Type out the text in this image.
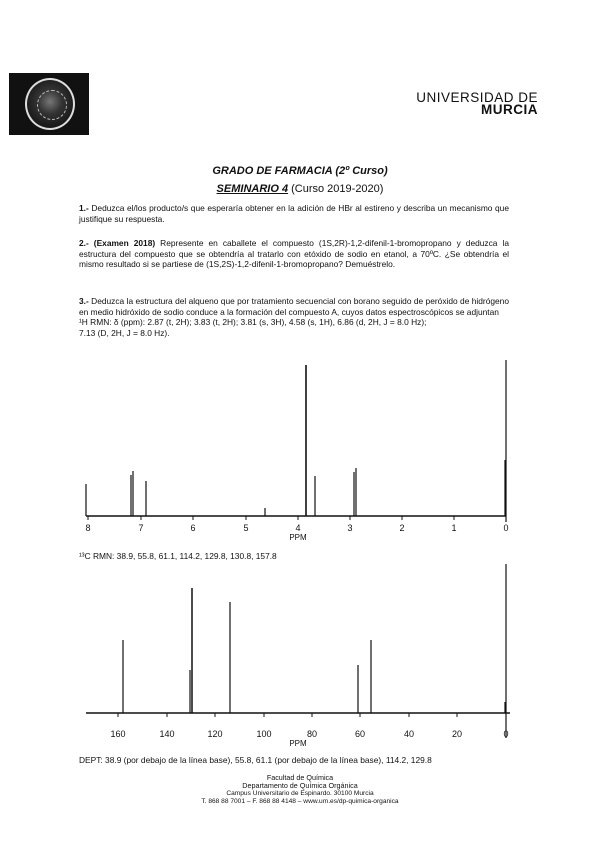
UNIVERSIDAD DE
MURCIA
GRADO DE FARMACIA (2º Curso)
SEMINARIO 4 (Curso 2019-2020)
1.- Deduzca el/los producto/s que esperaría obtener en la adición de HBr al estireno y describa un mecanismo que justifique su respuesta.
2.- (Examen 2018) Represente en caballete el compuesto (1S,2R)-1,2-difenil-1-bromopropano y deduzca la estructura del compuesto que se obtendría al tratarlo con etóxido de sodio en etanol, a 70ºC. ¿Se obtendría el mismo resultado si se partiese de (1S,2S)-1,2-difenil-1-bromopropano? Demuéstrelo.
3.- Deduzca la estructura del alqueno que por tratamiento secuencial con borano seguido de peróxido de hidrógeno en medio hidróxido de sodio conduce a la formación del compuesto A, cuyos datos espectroscópicos se adjuntan
¹H RMN: δ (ppm): 2.87 (t, 2H); 3.83 (t, 2H); 3.81 (s, 3H), 4.58 (s, 1H), 6.86 (d, 2H, J = 8.0 Hz);
7.13 (D, 2H, J = 8.0 Hz).
8	7	6	5	4	3	2	1	0
PPM
¹³C RMN: 38.9, 55.8, 61.1, 114.2, 129.8, 130.8, 157.8
160	140	120	100	80	60	40	20	0
PPM
DEPT: 38.9 (por debajo de la línea base), 55.8, 61.1 (por debajo de la línea base), 114.2, 129.8
Facultad de Química
Departamento de Química Orgánica
Campus Universitario de Espinardo. 30100 Murcia
T. 868 88 7001 – F. 868 88 4148 – www.um.es/dp-quimica-organica
